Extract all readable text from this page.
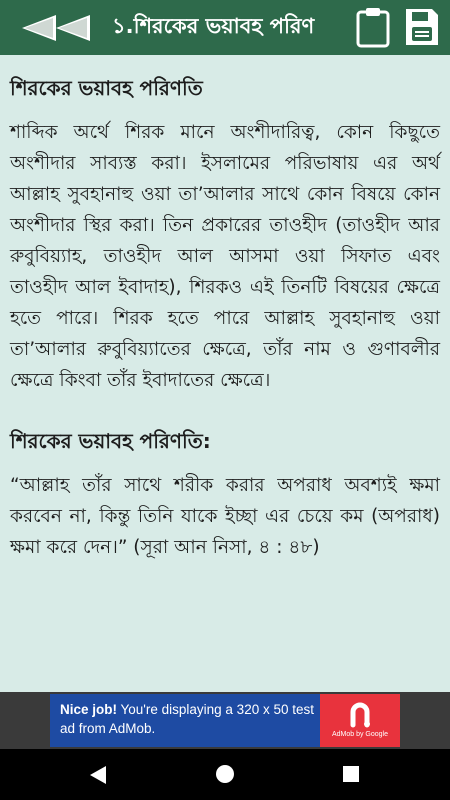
১.শিরকের ভয়াবহ পরিণ
শিরকের ভয়াবহ পরিণতি

শাব্দিক অর্থে শিরক মানে অংশীদারিত্ব, কোন কিছুতে অংশীদার সাব্যস্ত করা। ইসলামের পরিভাষায় এর অর্থ আল্লাহ সুবহানাহু ওয়া তা’আলার সাথে কোন বিষয়ে কোন অংশীদার স্থির করা। তিন প্রকারের তাওহীদ (তাওহীদ আর রুবুবিয়্যাহ, তাওহীদ আল আসমা ওয়া সিফাত এবং তাওহীদ আল ইবাদাহ), শিরকও এই তিনটি বিষয়ের ক্ষেত্রে হতে পারে। শিরক হতে পারে আল্লাহ সুবহানাহু ওয়া তা’আলার রুবুবিয়্যাতের ক্ষেত্রে, তাঁর নাম ও গুণাবলীর ক্ষেত্রে কিংবা তাঁর ইবাদাতের ক্ষেত্রে।

শিরকের ভয়াবহ পরিণতি:

“আল্লাহ তাঁর সাথে শরীক করার অপরাধ অবশ্যই ক্ষমা করবেন না, কিন্তু তিনি যাকে ইচ্ছা এর চেয়ে কম (অপরাধ) ক্ষমা করে দেন।” (সূরা আন নিসা, ৪ : ৪৮)

Nice job! You're displaying a 320 x 50 test ad from AdMob.	AdMob by Google
